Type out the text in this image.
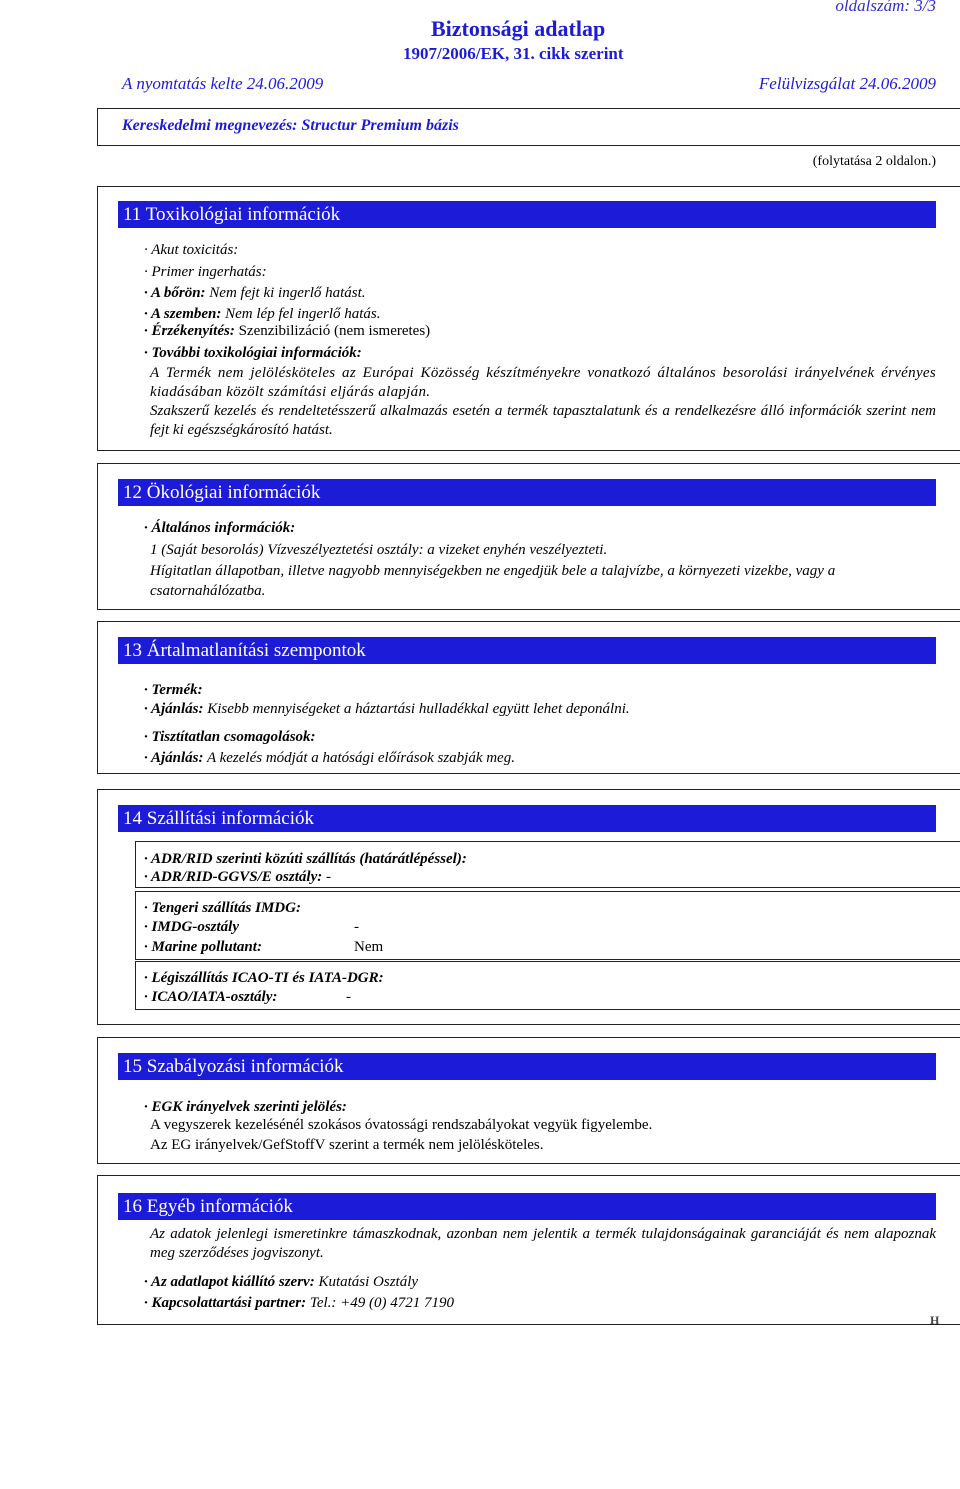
oldalszám: 3/3
Biztonsági adatlap
1907/2006/EK, 31. cikk szerint
A nyomtatás kelte 24.06.2009	Felülvizsgálat 24.06.2009
Kereskedelmi megnevezés: Structur Premium bázis
(folytatása 2 oldalon.)
11 Toxikológiai információk
· Akut toxicitás:
· Primer ingerhatás:
· A bőrön: Nem fejt ki ingerlő hatást.
· A szemben: Nem lép fel ingerlő hatás.
· Érzékenyítés: Szenzibilizáció (nem ismeretes)
· További toxikológiai információk:
A Termék nem jelölésköteles az Európai Közösség készítményekre vonatkozó általános besorolási irányelvének érvényes kiadásában közölt számítási eljárás alapján.
Szakszerű kezelés és rendeltetésszerű alkalmazás esetén a termék tapasztalatunk és a rendelkezésre álló információk szerint nem fejt ki egészségkárosító hatást.
12 Ökológiai információk
· Általános információk:
1 (Saját besorolás) Vízveszélyeztetési osztály: a vizeket enyhén veszélyezteti.
Hígitatlan állapotban, illetve nagyobb mennyiségekben ne engedjük bele a talajvízbe, a környezeti vizekbe, vagy a csatornahálózatba.
13 Ártalmatlanítási szempontok
· Termék:
· Ajánlás: Kisebb mennyiségeket a háztartási hulladékkal együtt lehet deponálni.
· Tisztítatlan csomagolások:
· Ajánlás: A kezelés módját a hatósági előírások szabják meg.
14 Szállítási információk
· ADR/RID szerinti közúti szállítás (határátlépéssel):
· ADR/RID-GGVS/E osztály: -
· Tengeri szállítás IMDG:
· IMDG-osztály	-
· Marine pollutant:	Nem
· Légiszállítás ICAO-TI és IATA-DGR:
· ICAO/IATA-osztály:	-
15 Szabályozási információk
· EGK irányelvek szerinti jelölés:
A vegyszerek kezelésénél szokásos óvatossági rendszabályokat vegyük figyelembe.
Az EG irányelvek/GefStoffV szerint a termék nem jelölésköteles.
16 Egyéb információk
Az adatok jelenlegi ismeretinkre támaszkodnak, azonban nem jelentik a termék tulajdonságainak garanciáját és nem alapoznak meg szerződéses jogviszonyt.
· Az adatlapot kiállító szerv: Kutatási Osztály
· Kapcsolattartási partner: Tel.: +49 (0) 4721 7190
H
